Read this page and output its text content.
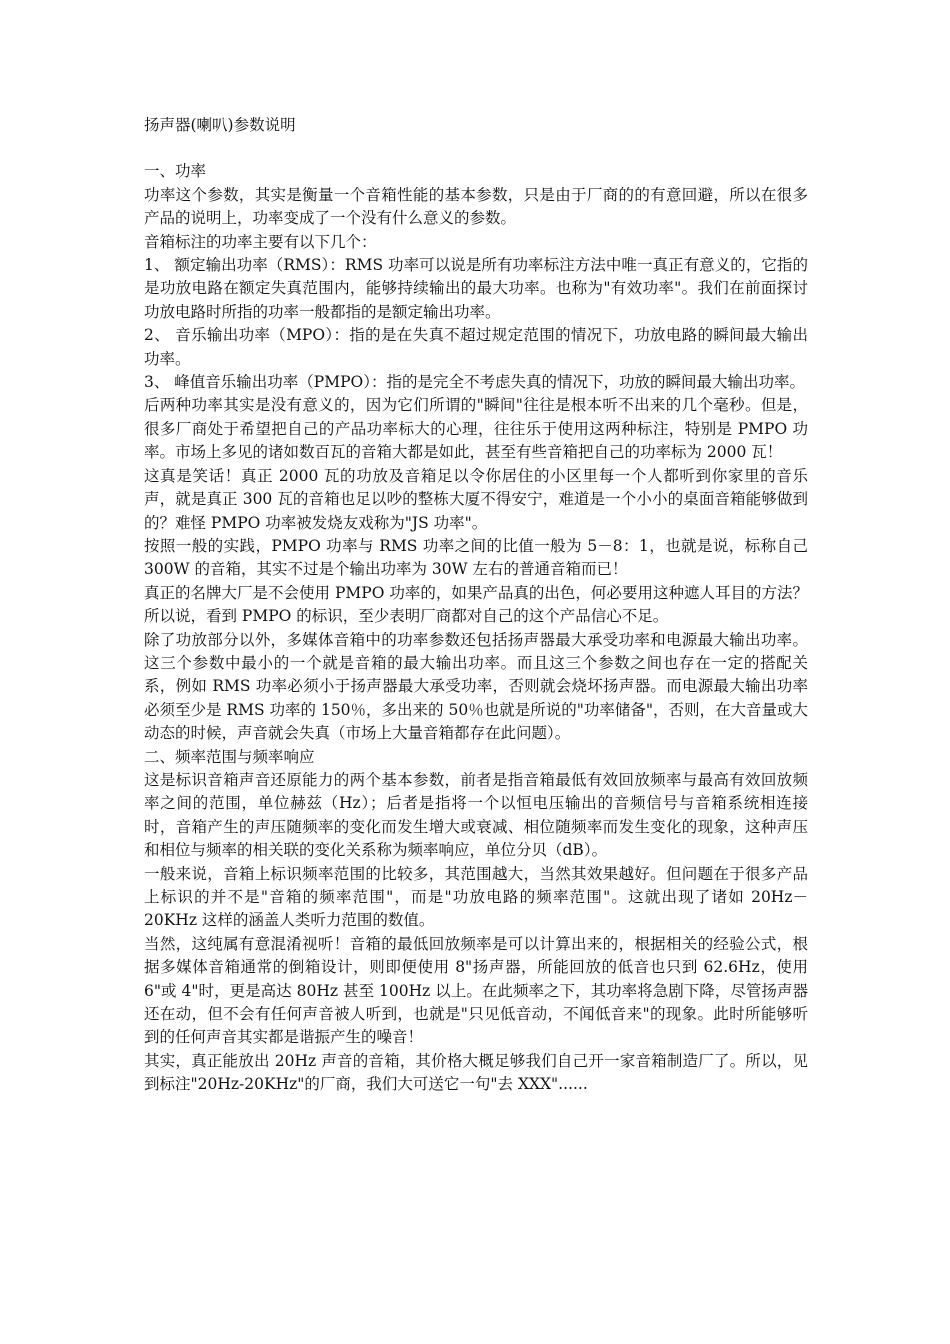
扬声器(喇叭)参数说明

一、功率

功率这个参数，其实是衡量一个音箱性能的基本参数，只是由于厂商的的有意回避，所以在很多产品的说明上，功率变成了一个没有什么意义的参数。

音箱标注的功率主要有以下几个：

1、 额定输出功率（RMS）：RMS 功率可以说是所有功率标注方法中唯一真正有意义的，它指的是功放电路在额定失真范围内，能够持续输出的最大功率。也称为"有效功率"。我们在前面探讨功放电路时所指的功率一般都指的是额定输出功率。

2、 音乐输出功率（MPO）：指的是在失真不超过规定范围的情况下，功放电路的瞬间最大输出功率。

3、 峰值音乐输出功率（PMPO）：指的是完全不考虑失真的情况下，功放的瞬间最大输出功率。

后两种功率其实是没有意义的，因为它们所谓的"瞬间"往往是根本听不出来的几个毫秒。但是，很多厂商处于希望把自己的产品功率标大的心理，往往乐于使用这两种标注，特别是 PMPO 功率。市场上多见的诸如数百瓦的音箱大都是如此，甚至有些音箱把自己的功率标为 2000 瓦！

这真是笑话！真正 2000 瓦的功放及音箱足以令你居住的小区里每一个人都听到你家里的音乐声，就是真正 300 瓦的音箱也足以吵的整栋大厦不得安宁，难道是一个小小的桌面音箱能够做到的？难怪 PMPO 功率被发烧友戏称为"JS 功率"。

按照一般的实践，PMPO 功率与 RMS 功率之间的比值一般为 5－8：1，也就是说，标称自己 300W 的音箱，其实不过是个输出功率为 30W 左右的普通音箱而已！

真正的名牌大厂是不会使用 PMPO 功率的，如果产品真的出色，何必要用这种遮人耳目的方法？所以说，看到 PMPO 的标识，至少表明厂商都对自己的这个产品信心不足。

除了功放部分以外，多媒体音箱中的功率参数还包括扬声器最大承受功率和电源最大输出功率。这三个参数中最小的一个就是音箱的最大输出功率。而且这三个参数之间也存在一定的搭配关系，例如 RMS 功率必须小于扬声器最大承受功率，否则就会烧坏扬声器。而电源最大输出功率必须至少是 RMS 功率的 150％，多出来的 50％也就是所说的"功率储备"，否则，在大音量或大动态的时候，声音就会失真（市场上大量音箱都存在此问题）。

二、频率范围与频率响应

这是标识音箱声音还原能力的两个基本参数，前者是指音箱最低有效回放频率与最高有效回放频率之间的范围，单位赫兹（Hz）；后者是指将一个以恒电压输出的音频信号与音箱系统相连接时，音箱产生的声压随频率的变化而发生增大或衰减、相位随频率而发生变化的现象，这种声压和相位与频率的相关联的变化关系称为频率响应，单位分贝（dB）。

一般来说，音箱上标识频率范围的比较多，其范围越大，当然其效果越好。但问题在于很多产品上标识的并不是"音箱的频率范围"，而是"功放电路的频率范围"。这就出现了诸如 20Hz－20KHz 这样的涵盖人类听力范围的数值。

当然，这纯属有意混淆视听！音箱的最低回放频率是可以计算出来的，根据相关的经验公式，根据多媒体音箱通常的倒箱设计，则即便使用 8"扬声器，所能回放的低音也只到 62.6Hz，使用 6"或 4"时，更是高达 80Hz 甚至 100Hz 以上。在此频率之下，其功率将急剧下降，尽管扬声器还在动，但不会有任何声音被人听到，也就是"只见低音动，不闻低音来"的现象。此时所能够听到的任何声音其实都是谐振产生的噪音！

其实，真正能放出 20Hz 声音的音箱，其价格大概足够我们自己开一家音箱制造厂了。所以，见到标注"20Hz-20KHz"的厂商，我们大可送它一句"去 XXX"......
